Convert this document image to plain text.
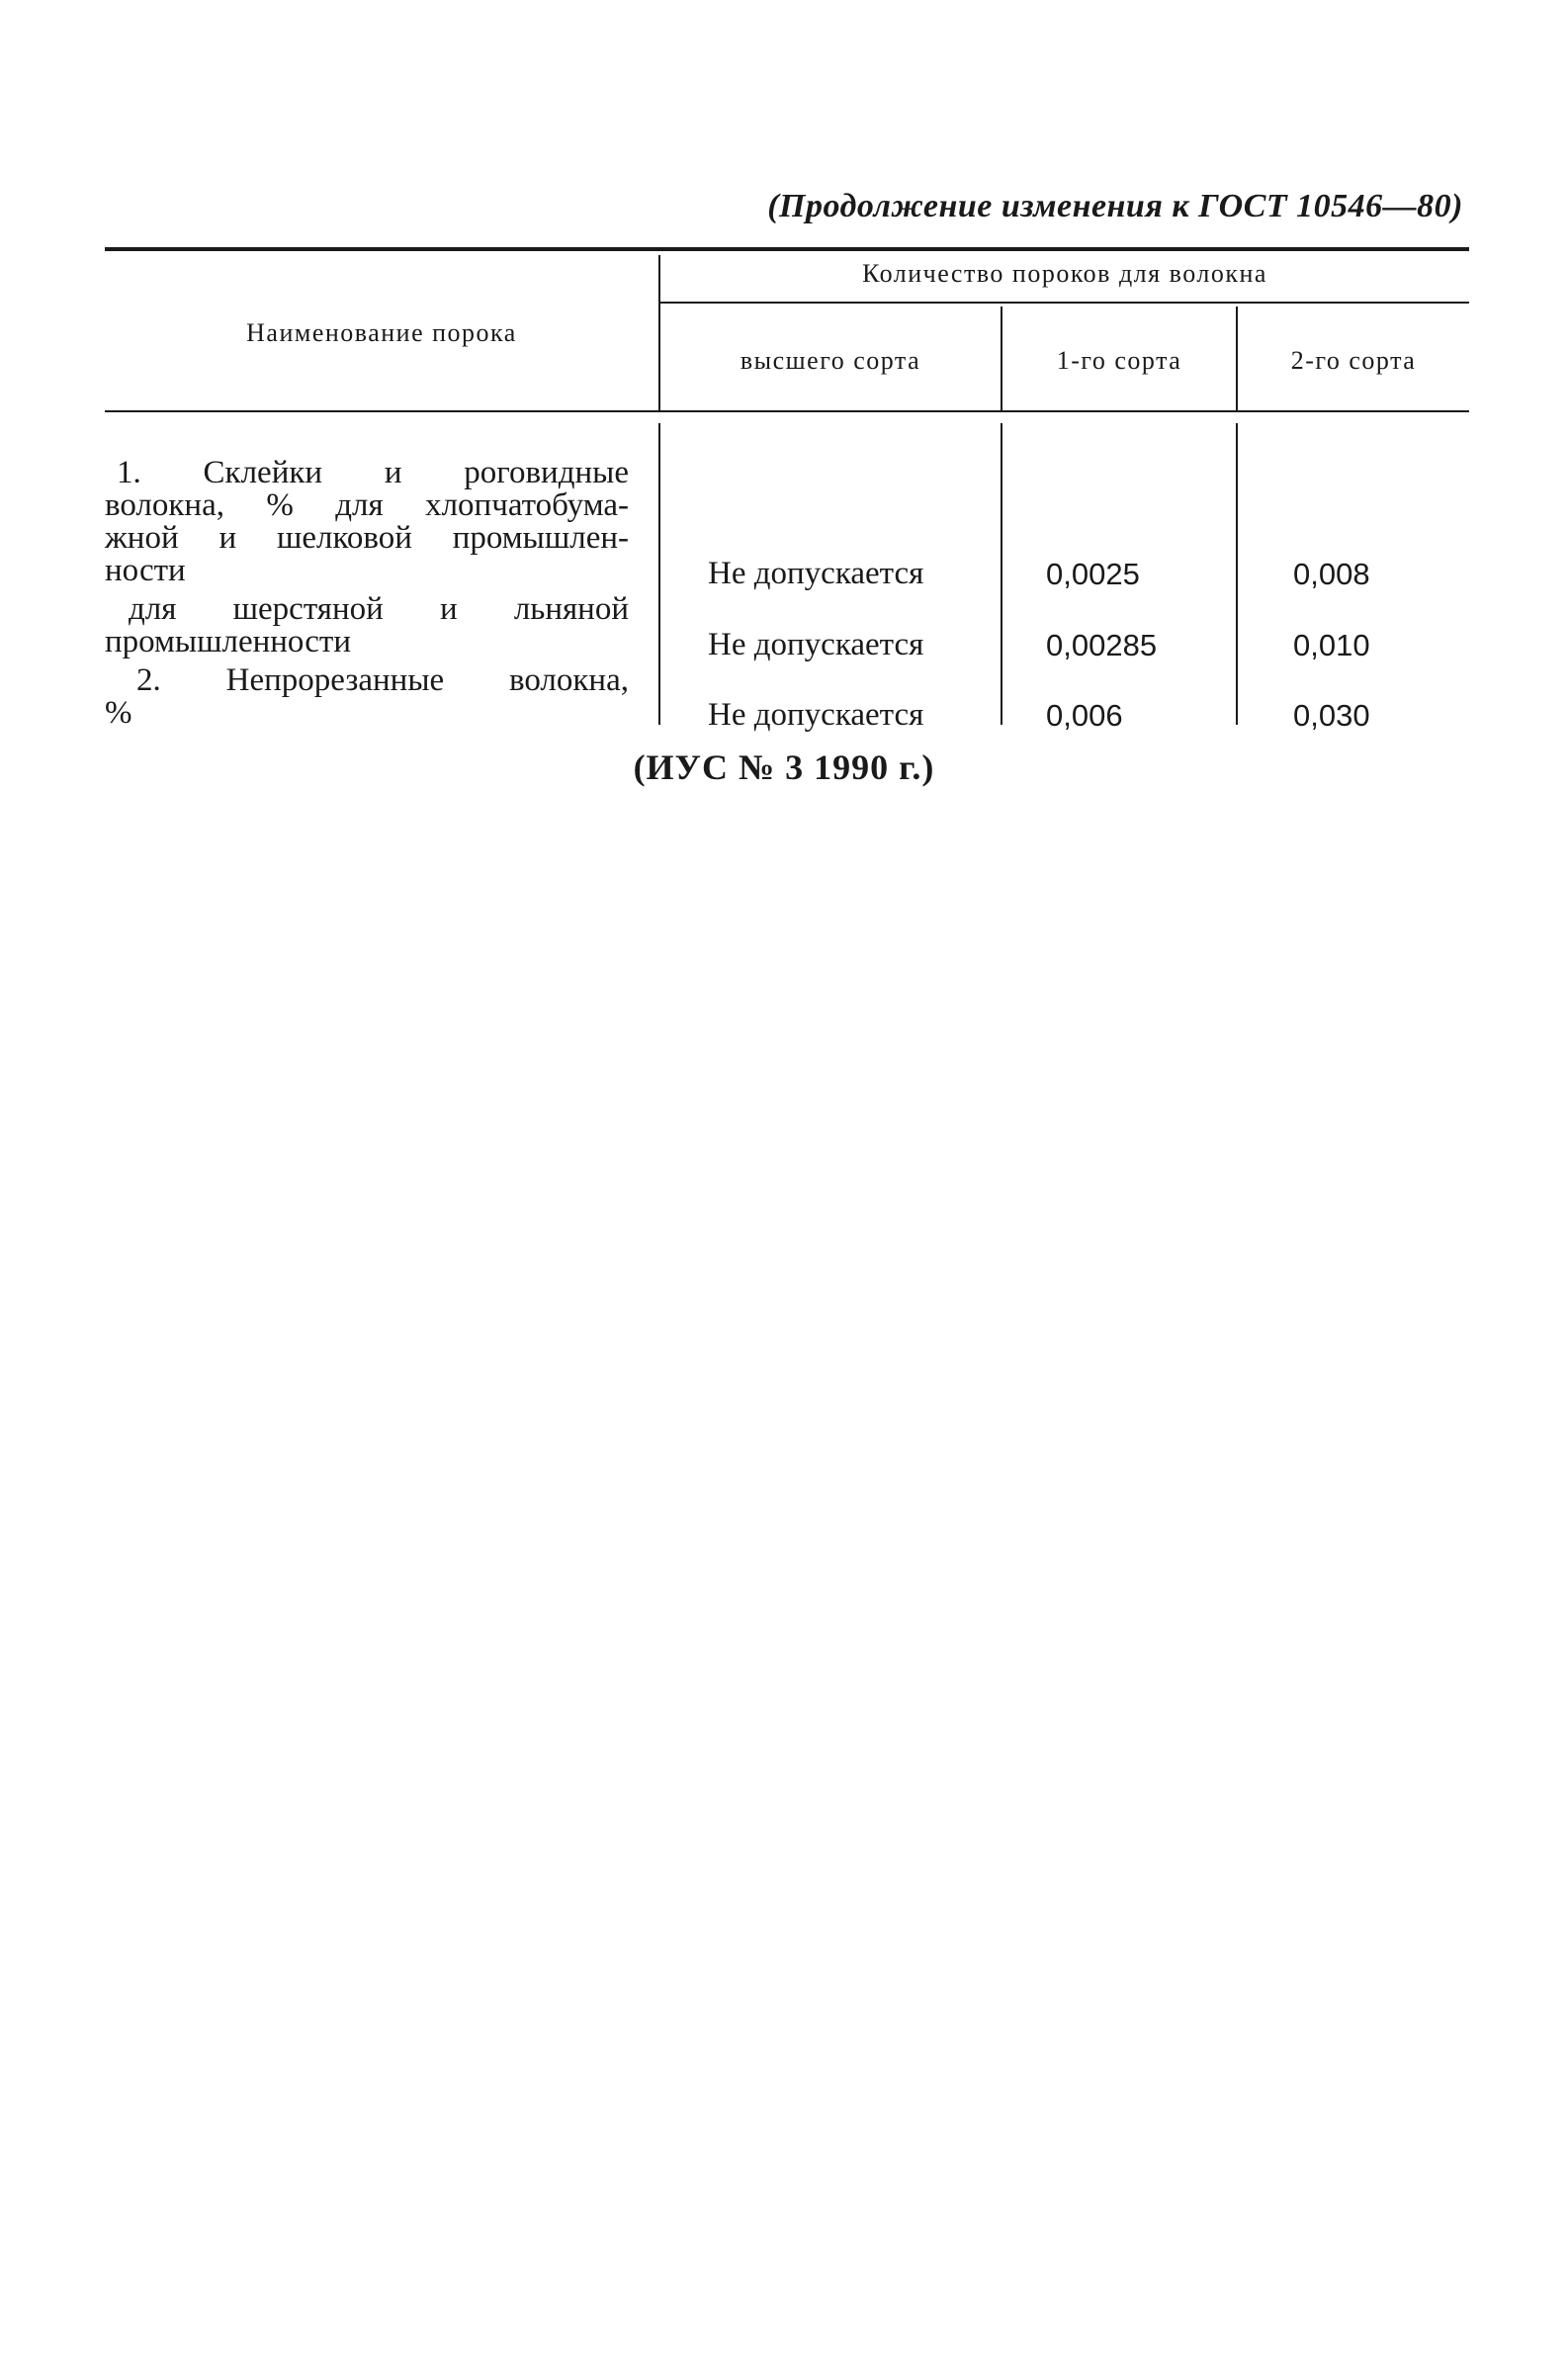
(Продолжение изменения к ГОСТ 10546—80)
Наименование порока
Количество пороков для волокна
высшего сорта	1-го сорта	2-го сорта
1. Склейки и роговидные
волокна, % для хлопчатобума-
жной и шелковой промышлен-
ности	Не допускается	0,0025	0,008
для шерстяной и льняной
промышленности	Не допускается	0,00285	0,010
2. Непрорезанные волокна,
%	Не допускается	0,006	0,030
(ИУС № 3 1990 г.)
